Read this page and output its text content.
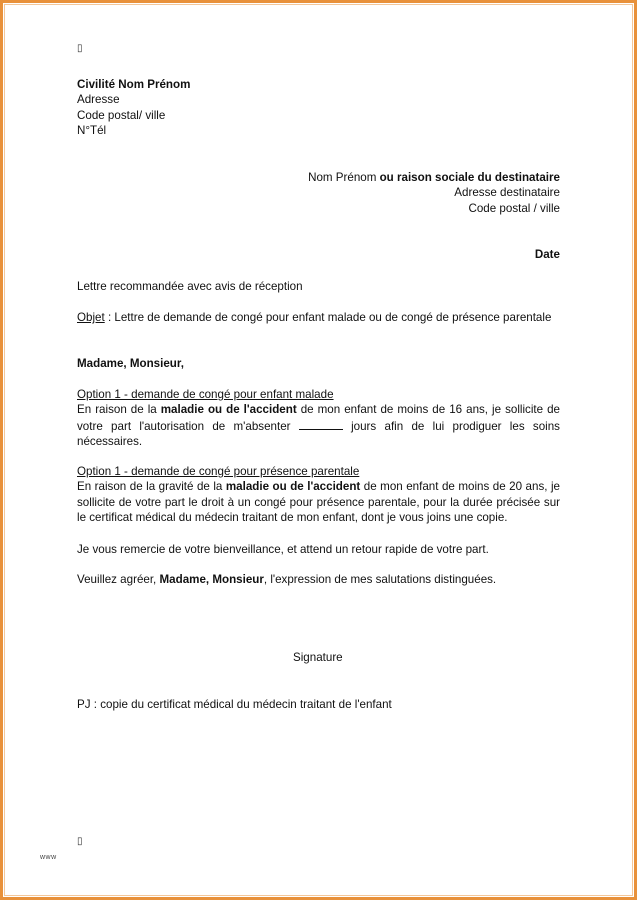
▯
Civilité Nom Prénom
Adresse
Code postal/ ville
N°Tél
Nom Prénom ou raison sociale du destinataire
Adresse destinataire
Code postal / ville
Date
Lettre recommandée avec avis de réception
Objet : Lettre de demande de congé pour enfant malade ou de congé de présence parentale
Madame, Monsieur,
Option 1 - demande de congé pour enfant malade
En raison de la maladie ou de l'accident de mon enfant de moins de 16 ans, je sollicite de votre part l'autorisation de m'absenter	jours afin de lui prodiguer les soins nécessaires.
Option 1 - demande de congé pour présence parentale
En raison de la gravité de la maladie ou de l'accident de mon enfant de moins de 20 ans, je sollicite de votre part le droit à un congé pour présence parentale, pour la durée précisée sur le certificat médical du médecin traitant de mon enfant, dont je vous joins une copie.
Je vous remercie de votre bienveillance, et attend un retour rapide de votre part.
Veuillez agréer, Madame, Monsieur, l'expression de mes salutations distinguées.
Signature
PJ : copie du certificat médical du médecin traitant de l'enfant
▯
www
